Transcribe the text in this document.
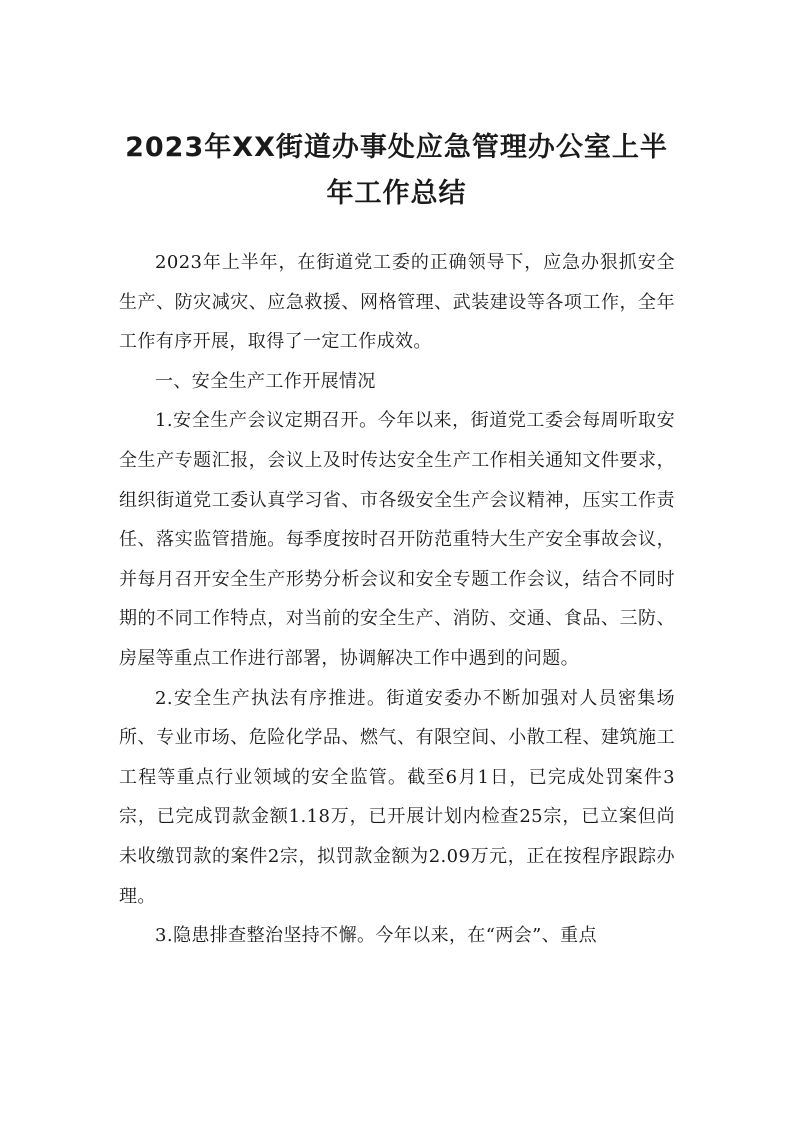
2023年XX街道办事处应急管理办公室上半
年工作总结

2023年上半年，在街道党工委的正确领导下，应急办狠抓安全生产、防灾减灾、应急救援、网格管理、武装建设等各项工作，全年工作有序开展，取得了一定工作成效。

一、安全生产工作开展情况

1.安全生产会议定期召开。今年以来，街道党工委会每周听取安全生产专题汇报，会议上及时传达安全生产工作相关通知文件要求，组织街道党工委认真学习省、市各级安全生产会议精神，压实工作责任、落实监管措施。每季度按时召开防范重特大生产安全事故会议，并每月召开安全生产形势分析会议和安全专题工作会议，结合不同时期的不同工作特点，对当前的安全生产、消防、交通、食品、三防、房屋等重点工作进行部署，协调解决工作中遇到的问题。

2.安全生产执法有序推进。街道安委办不断加强对人员密集场所、专业市场、危险化学品、燃气、有限空间、小散工程、建筑施工工程等重点行业领域的安全监管。截至6月1日，已完成处罚案件3宗，已完成罚款金额1.18万，已开展计划内检查25宗，已立案但尚未收缴罚款的案件2宗，拟罚款金额为2.09万元，正在按程序跟踪办理。

3.隐患排查整治坚持不懈。今年以来，在“两会”、重点
